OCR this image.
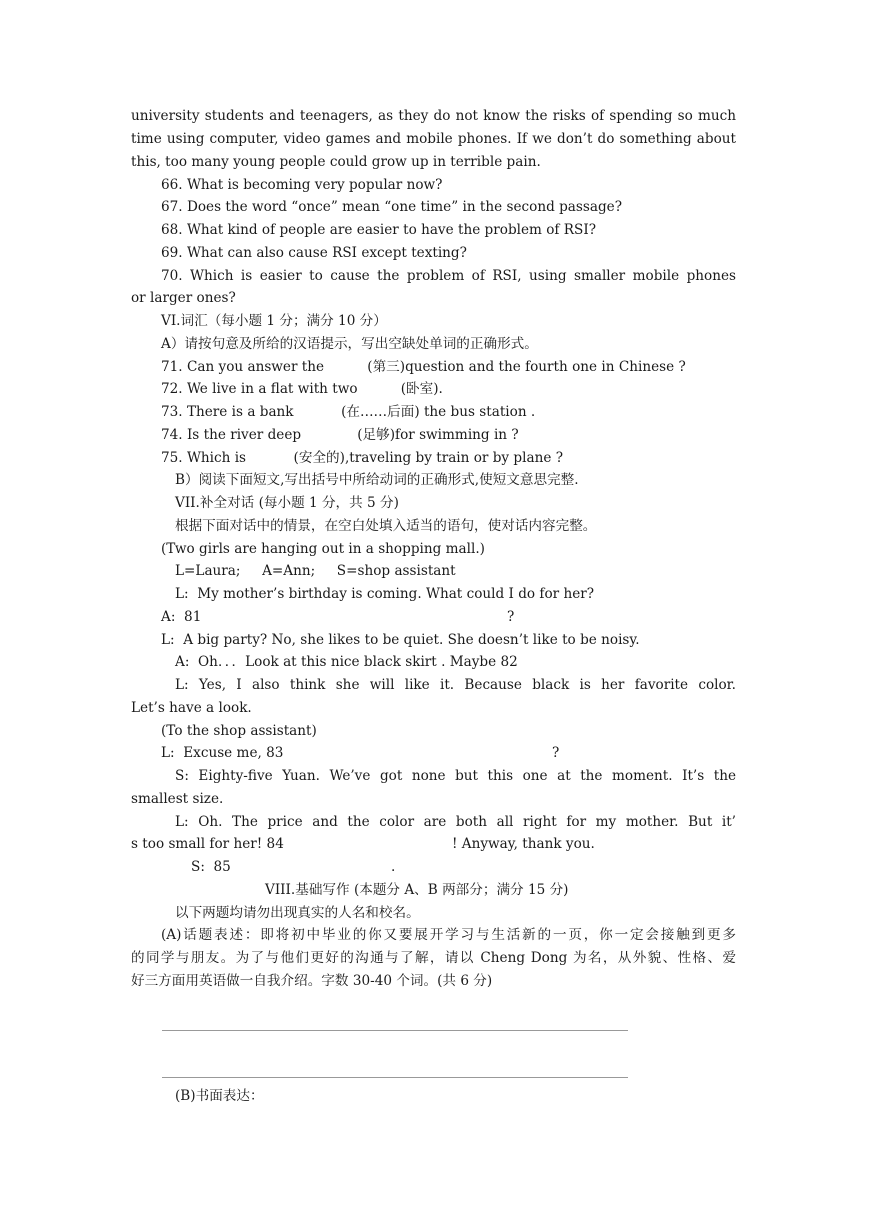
university students and teenagers, as they do not know the risks of spending so much
time using computer, video games and mobile phones. If we don’t do something about
this, too many young people could grow up in terrible pain.
66. What is becoming very popular now?
67. Does the word “once” mean “one time” in the second passage?
68. What kind of people are easier to have the problem of RSI?
69. What can also cause RSI except texting?
70. Which is easier to cause the problem of RSI, using smaller mobile phones
or larger ones?
VI.词汇（每小题 1 分；满分 10 分）
A）请按句意及所给的汉语提示，写出空缺处单词的正确形式。
71. Can you answer the          (第三)question and the fourth one in Chinese ?
72. We live in a flat with two          (卧室).
73. There is a bank           (在……后面) the bus station .
74. Is the river deep             (足够)for swimming in ?
75. Which is           (安全的),traveling by train or by plane ?
B）阅读下面短文,写出括号中所给动词的正确形式,使短文意思完整.
VII.补全对话 (每小题 1 分，共 5 分)
根据下面对话中的情景，在空白处填入适当的语句，使对话内容完整。
(Two girls are hanging out in a shopping mall.)
L=Laura;     A=Ann;     S=shop assistant
L:  My mother’s birthday is coming. What could I do for her?
A:  81	?
L:  A big party? No, she likes to be quiet. She doesn’t like to be noisy.
A:  Oh．．．Look at this nice black skirt . Maybe 82
L: Yes, I also think she will like it. Because black is her favorite color.
Let’s have a look.
(To the shop assistant)
L:  Excuse me, 83	?
S: Eighty-five Yuan. We’ve got none but this one at the moment. It’s the
smallest size.
L: Oh. The price and the color are both all right for my mother. But it’
s too small for her! 84	! Anyway, thank you.
S:  85	.
VIII.基础写作 (本题分 A、B 两部分；满分 15 分)
以下两题均请勿出现真实的人名和校名。
(A)话题表述：即将初中毕业的你又要展开学习与生活新的一页，你一定会接触到更多
的同学与朋友。为了与他们更好的沟通与了解，请以 Cheng Dong 为名，从外貌、性格、爱
好三方面用英语做一自我介绍。字数 30-40 个词。(共 6 分)
(B)书面表达：
